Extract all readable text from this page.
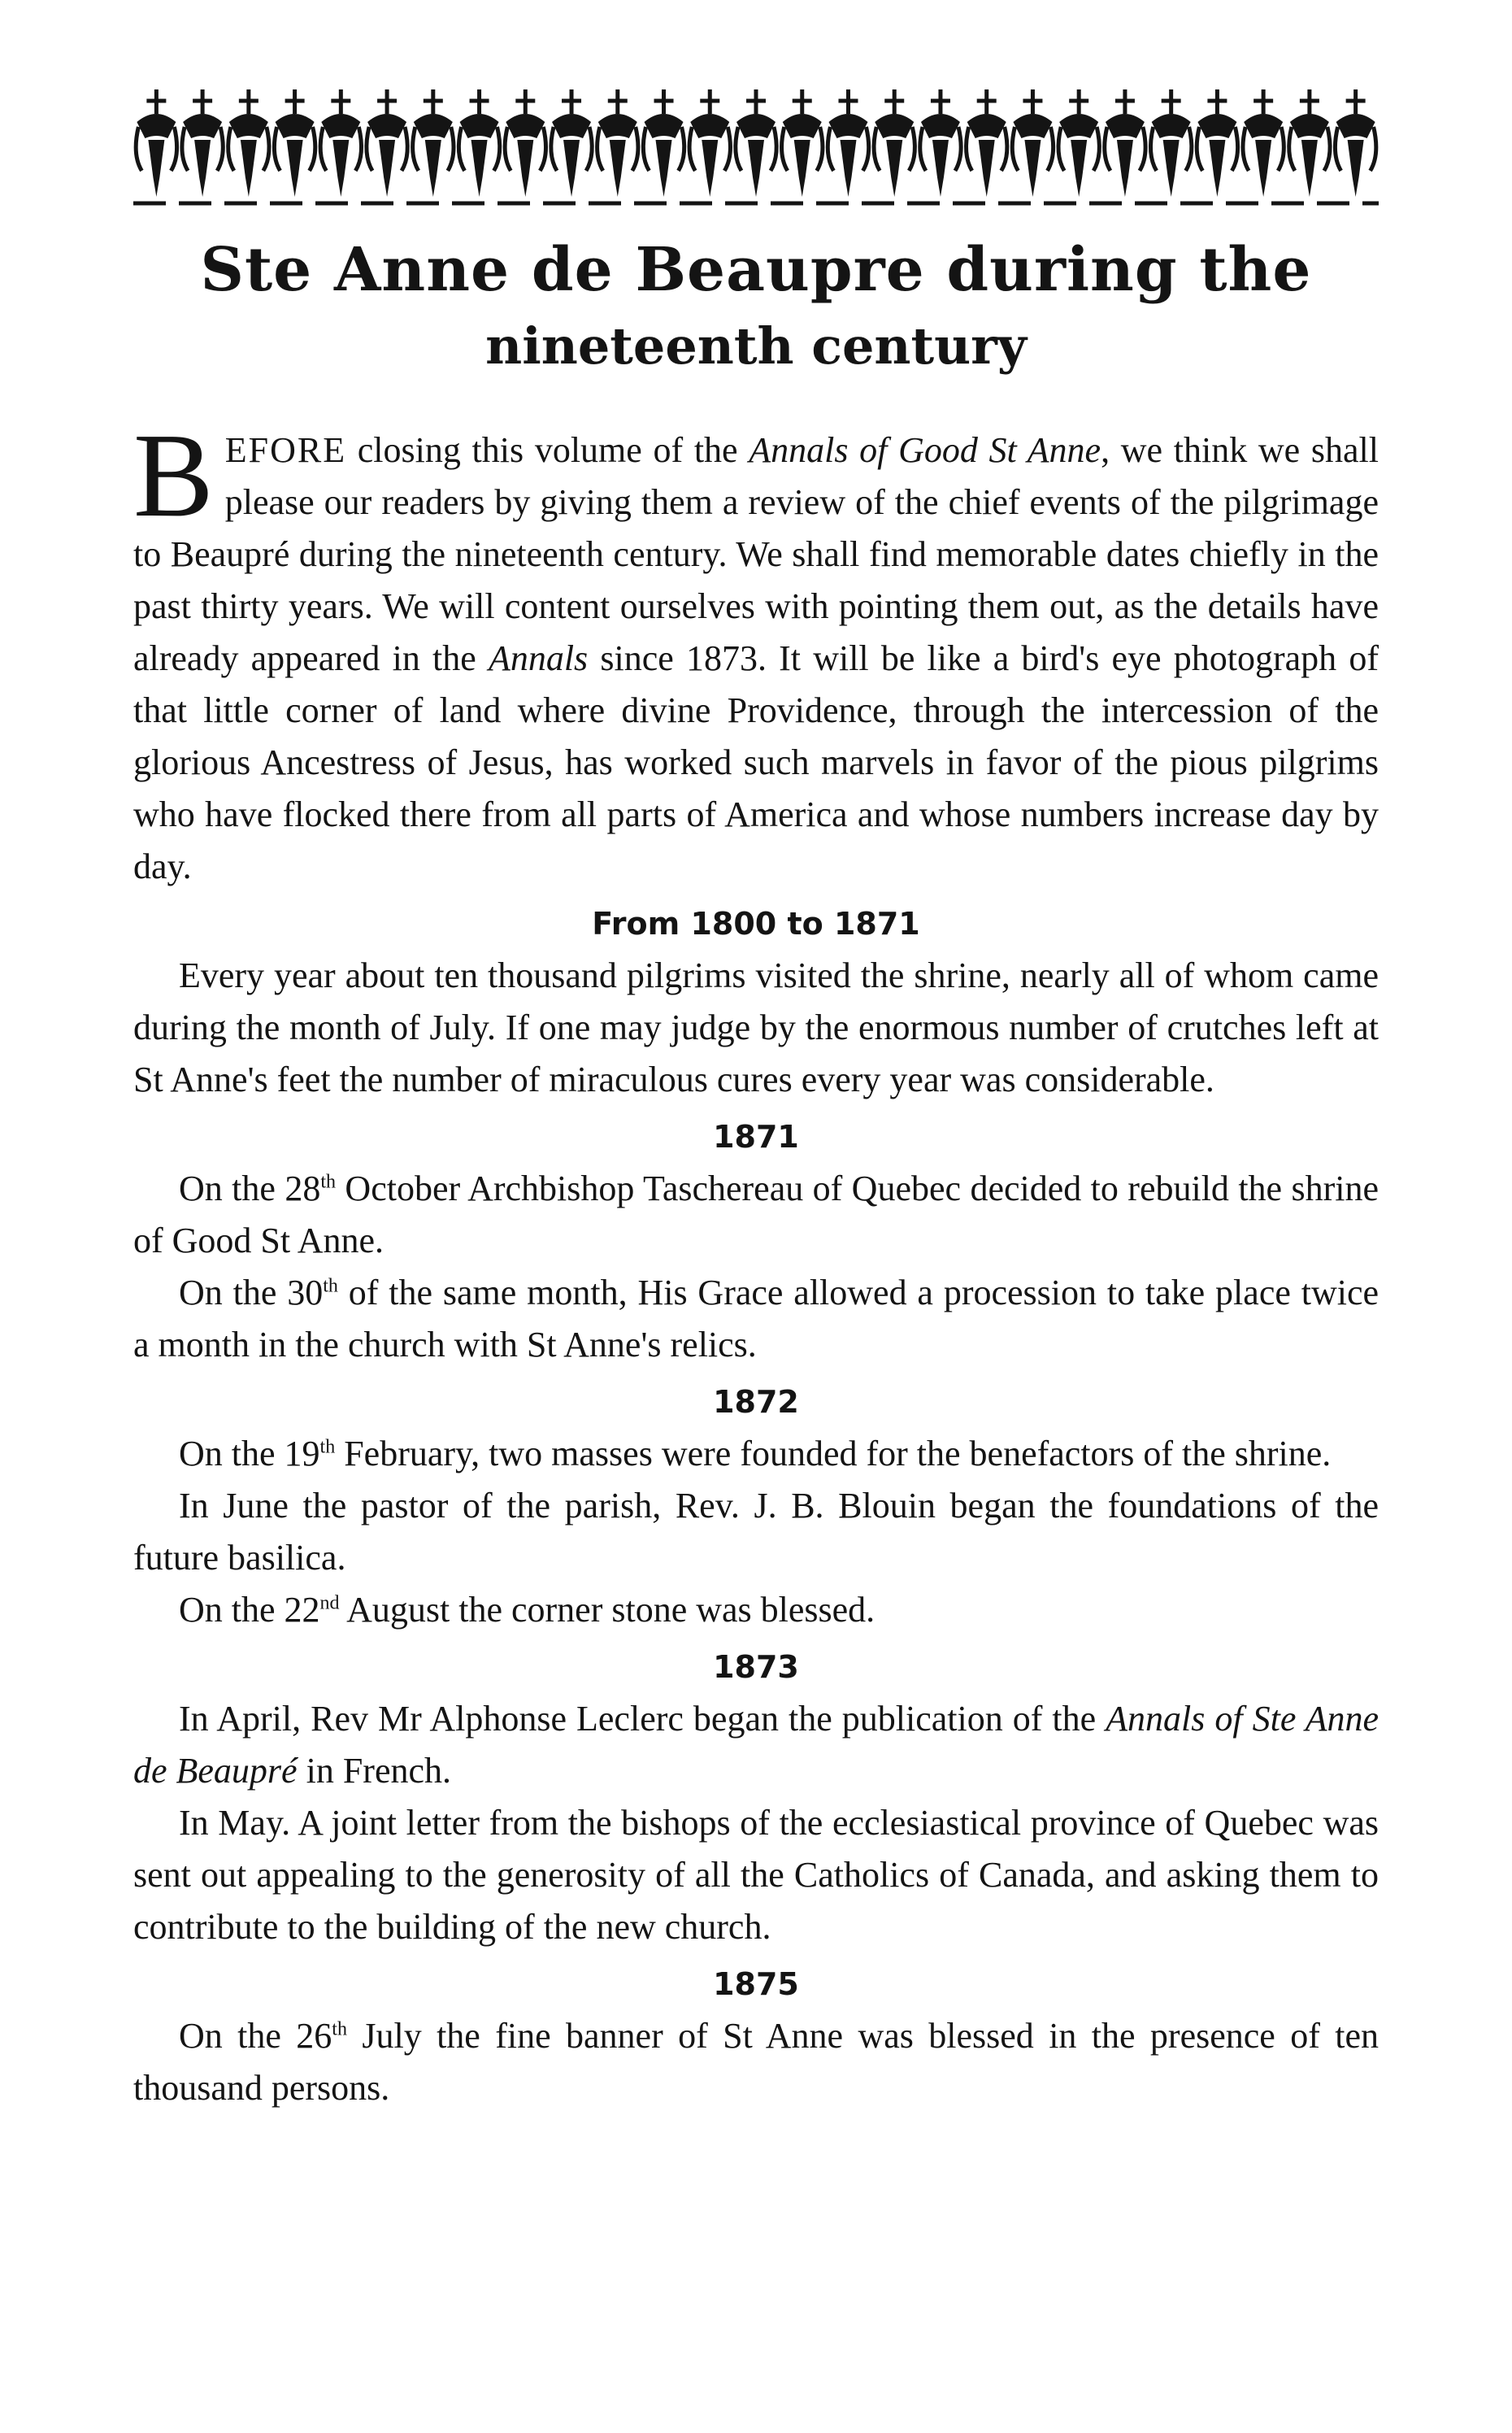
Ste Anne de Beaupre during the
nineteenth century

BEFORE closing this volume of the Annals of Good St Anne, we think we shall please our readers by giving them a review of the chief events of the pilgrimage to Beaupré during the nineteenth century. We shall find memorable dates chiefly in the past thirty years. We will content ourselves with pointing them out, as the details have already appeared in the Annals since 1873. It will be like a bird's eye photograph of that little corner of land where divine Providence, through the intercession of the glorious Ancestress of Jesus, has worked such marvels in favor of the pious pilgrims who have flocked there from all parts of America and whose numbers increase day by day.

From 1800 to 1871

Every year about ten thousand pilgrims visited the shrine, nearly all of whom came during the month of July. If one may judge by the enormous number of crutches left at St Anne's feet the number of miraculous cures every year was considerable.

1871

On the 28th October Archbishop Taschereau of Quebec decided to rebuild the shrine of Good St Anne.

On the 30th of the same month, His Grace allowed a procession to take place twice a month in the church with St Anne's relics.

1872

On the 19th February, two masses were founded for the benefactors of the shrine.

In June the pastor of the parish, Rev. J. B. Blouin began the foundations of the future basilica.

On the 22nd August the corner stone was blessed.

1873

In April, Rev Mr Alphonse Leclerc began the publication of the Annals of Ste Anne de Beaupré in French.

In May. A joint letter from the bishops of the ecclesiastical province of Quebec was sent out appealing to the generosity of all the Catholics of Canada, and asking them to contribute to the building of the new church.

1875

On the 26th July the fine banner of St Anne was blessed in the presence of ten thousand persons.
